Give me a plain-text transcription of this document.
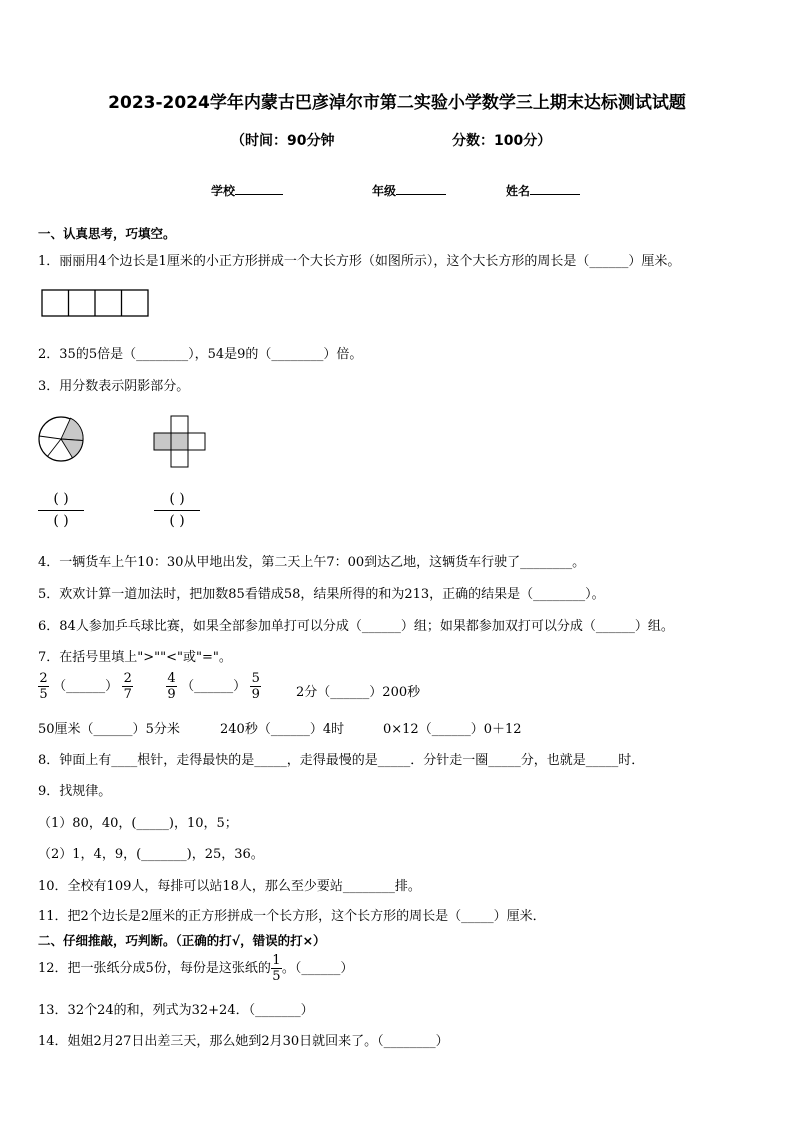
2023-2024学年内蒙古巴彦淖尔市第二实验小学数学三上期末达标测试试题
（时间：90分钟	分数：100分）
学校	年级	姓名
一、认真思考，巧填空。
1．丽丽用4个边长是1厘米的小正方形拼成一个大长方形（如图所示），这个大长方形的周长是（______）厘米。
2．35的5倍是（________），54是9的（________）倍。
3．用分数表示阴影部分。
( )
( )
( )
( )
4．一辆货车上午10：30从甲地出发，第二天上午7：00到达乙地，这辆货车行驶了________。
5．欢欢计算一道加法时，把加数85看错成58，结果所得的和为213，正确的结果是（________）。
6．84人参加乒乓球比赛，如果全部参加单打可以分成（______）组；如果都参加双打可以分成（______）组。
7．在括号里填上">""<"或"="。
$\frac{2}{5}$ （______） $\frac{2}{7}$	$\frac{4}{9}$ （______） $\frac{5}{9}$	2分（______）200秒
50厘米（______）5分米	240秒（______）4时	0×12（______）0＋12
8．钟面上有____根针，走得最快的是_____，走得最慢的是_____．分针走一圈_____分，也就是_____时．
9．找规律。
（1）80，40，(_____)，10，5；
（2）1，4，9，(_______)，25，36。
10．全校有109人，每排可以站18人，那么至少要站________排。
11．把2个边长是2厘米的正方形拼成一个长方形，这个长方形的周长是（_____）厘米．
二、仔细推敲，巧判断。（正确的打√，错误的打×）
12．把一张纸分成5份，每份是这张纸的 $\frac{1}{5}$ 。（______）
13．32个24的和，列式为32+24．（_______）
14．姐姐2月27日出差三天，那么她到2月30日就回来了。（________）
